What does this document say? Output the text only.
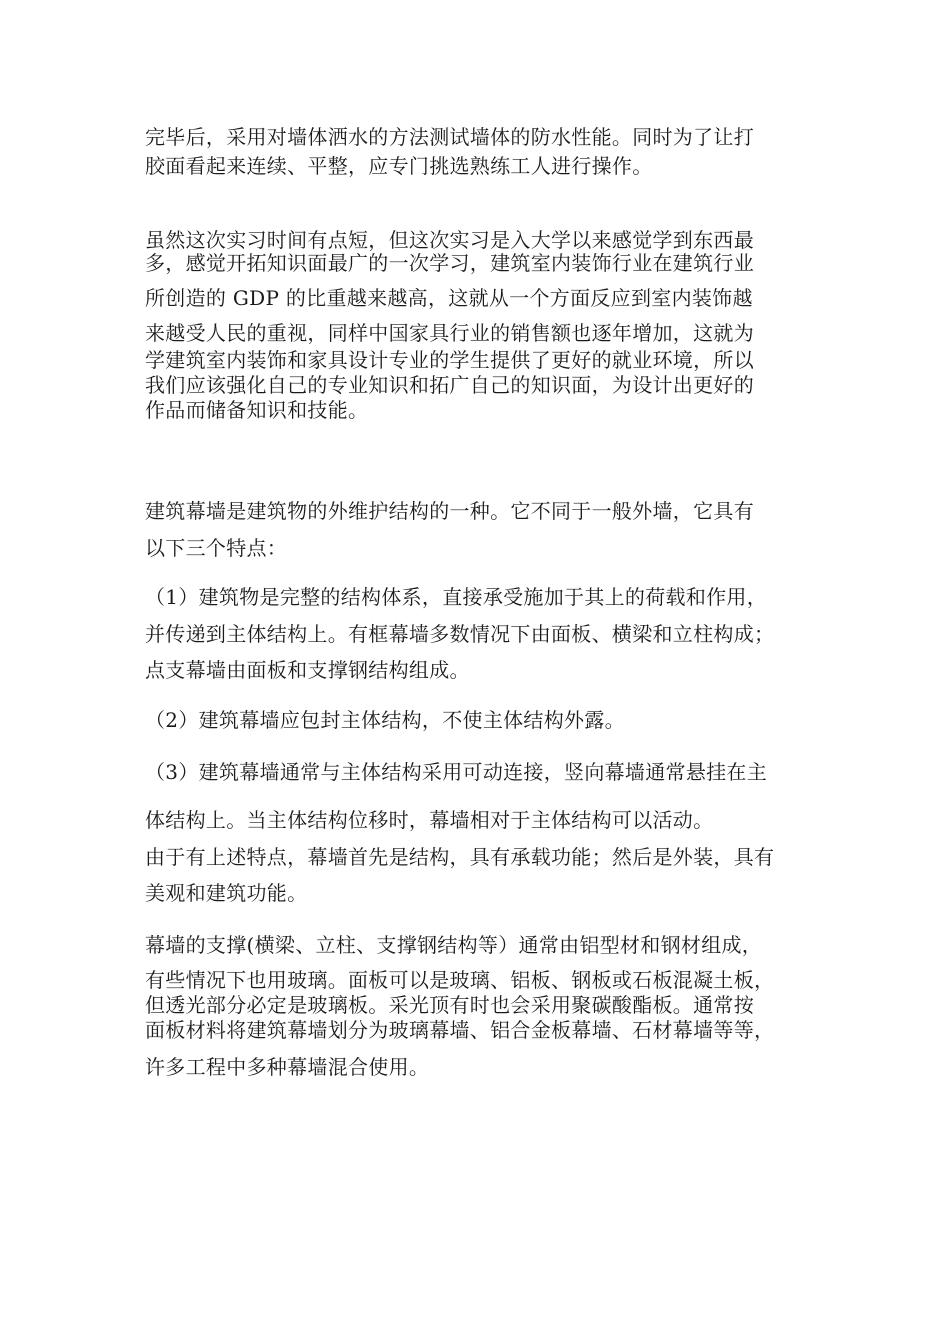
完毕后，采用对墙体洒水的方法测试墙体的防水性能。同时为了让打
胶面看起来连续、平整，应专门挑选熟练工人进行操作。
虽然这次实习时间有点短，但这次实习是入大学以来感觉学到东西最
多，感觉开拓知识面最广的一次学习，建筑室内装饰行业在建筑行业
所创造的 GDP 的比重越来越高，这就从一个方面反应到室内装饰越
来越受人民的重视，同样中国家具行业的销售额也逐年增加，这就为
学建筑室内装饰和家具设计专业的学生提供了更好的就业环境，所以
我们应该强化自己的专业知识和拓广自己的知识面，为设计出更好的
作品而储备知识和技能。
建筑幕墙是建筑物的外维护结构的一种。它不同于一般外墙，它具有
以下三个特点：
（1）建筑物是完整的结构体系，直接承受施加于其上的荷载和作用，
并传递到主体结构上。有框幕墙多数情况下由面板、横梁和立柱构成；
点支幕墙由面板和支撑钢结构组成。
（2）建筑幕墙应包封主体结构，不使主体结构外露。
（3）建筑幕墙通常与主体结构采用可动连接，竖向幕墙通常悬挂在主
体结构上。当主体结构位移时，幕墙相对于主体结构可以活动。
由于有上述特点，幕墙首先是结构，具有承载功能；然后是外装，具有
美观和建筑功能。
幕墙的支撑(横梁、立柱、支撑钢结构等）通常由铝型材和钢材组成，
有些情况下也用玻璃。面板可以是玻璃、铝板、钢板或石板混凝土板，
但透光部分必定是玻璃板。采光顶有时也会采用聚碳酸酯板。通常按
面板材料将建筑幕墙划分为玻璃幕墙、铝合金板幕墙、石材幕墙等等，
许多工程中多种幕墙混合使用。
